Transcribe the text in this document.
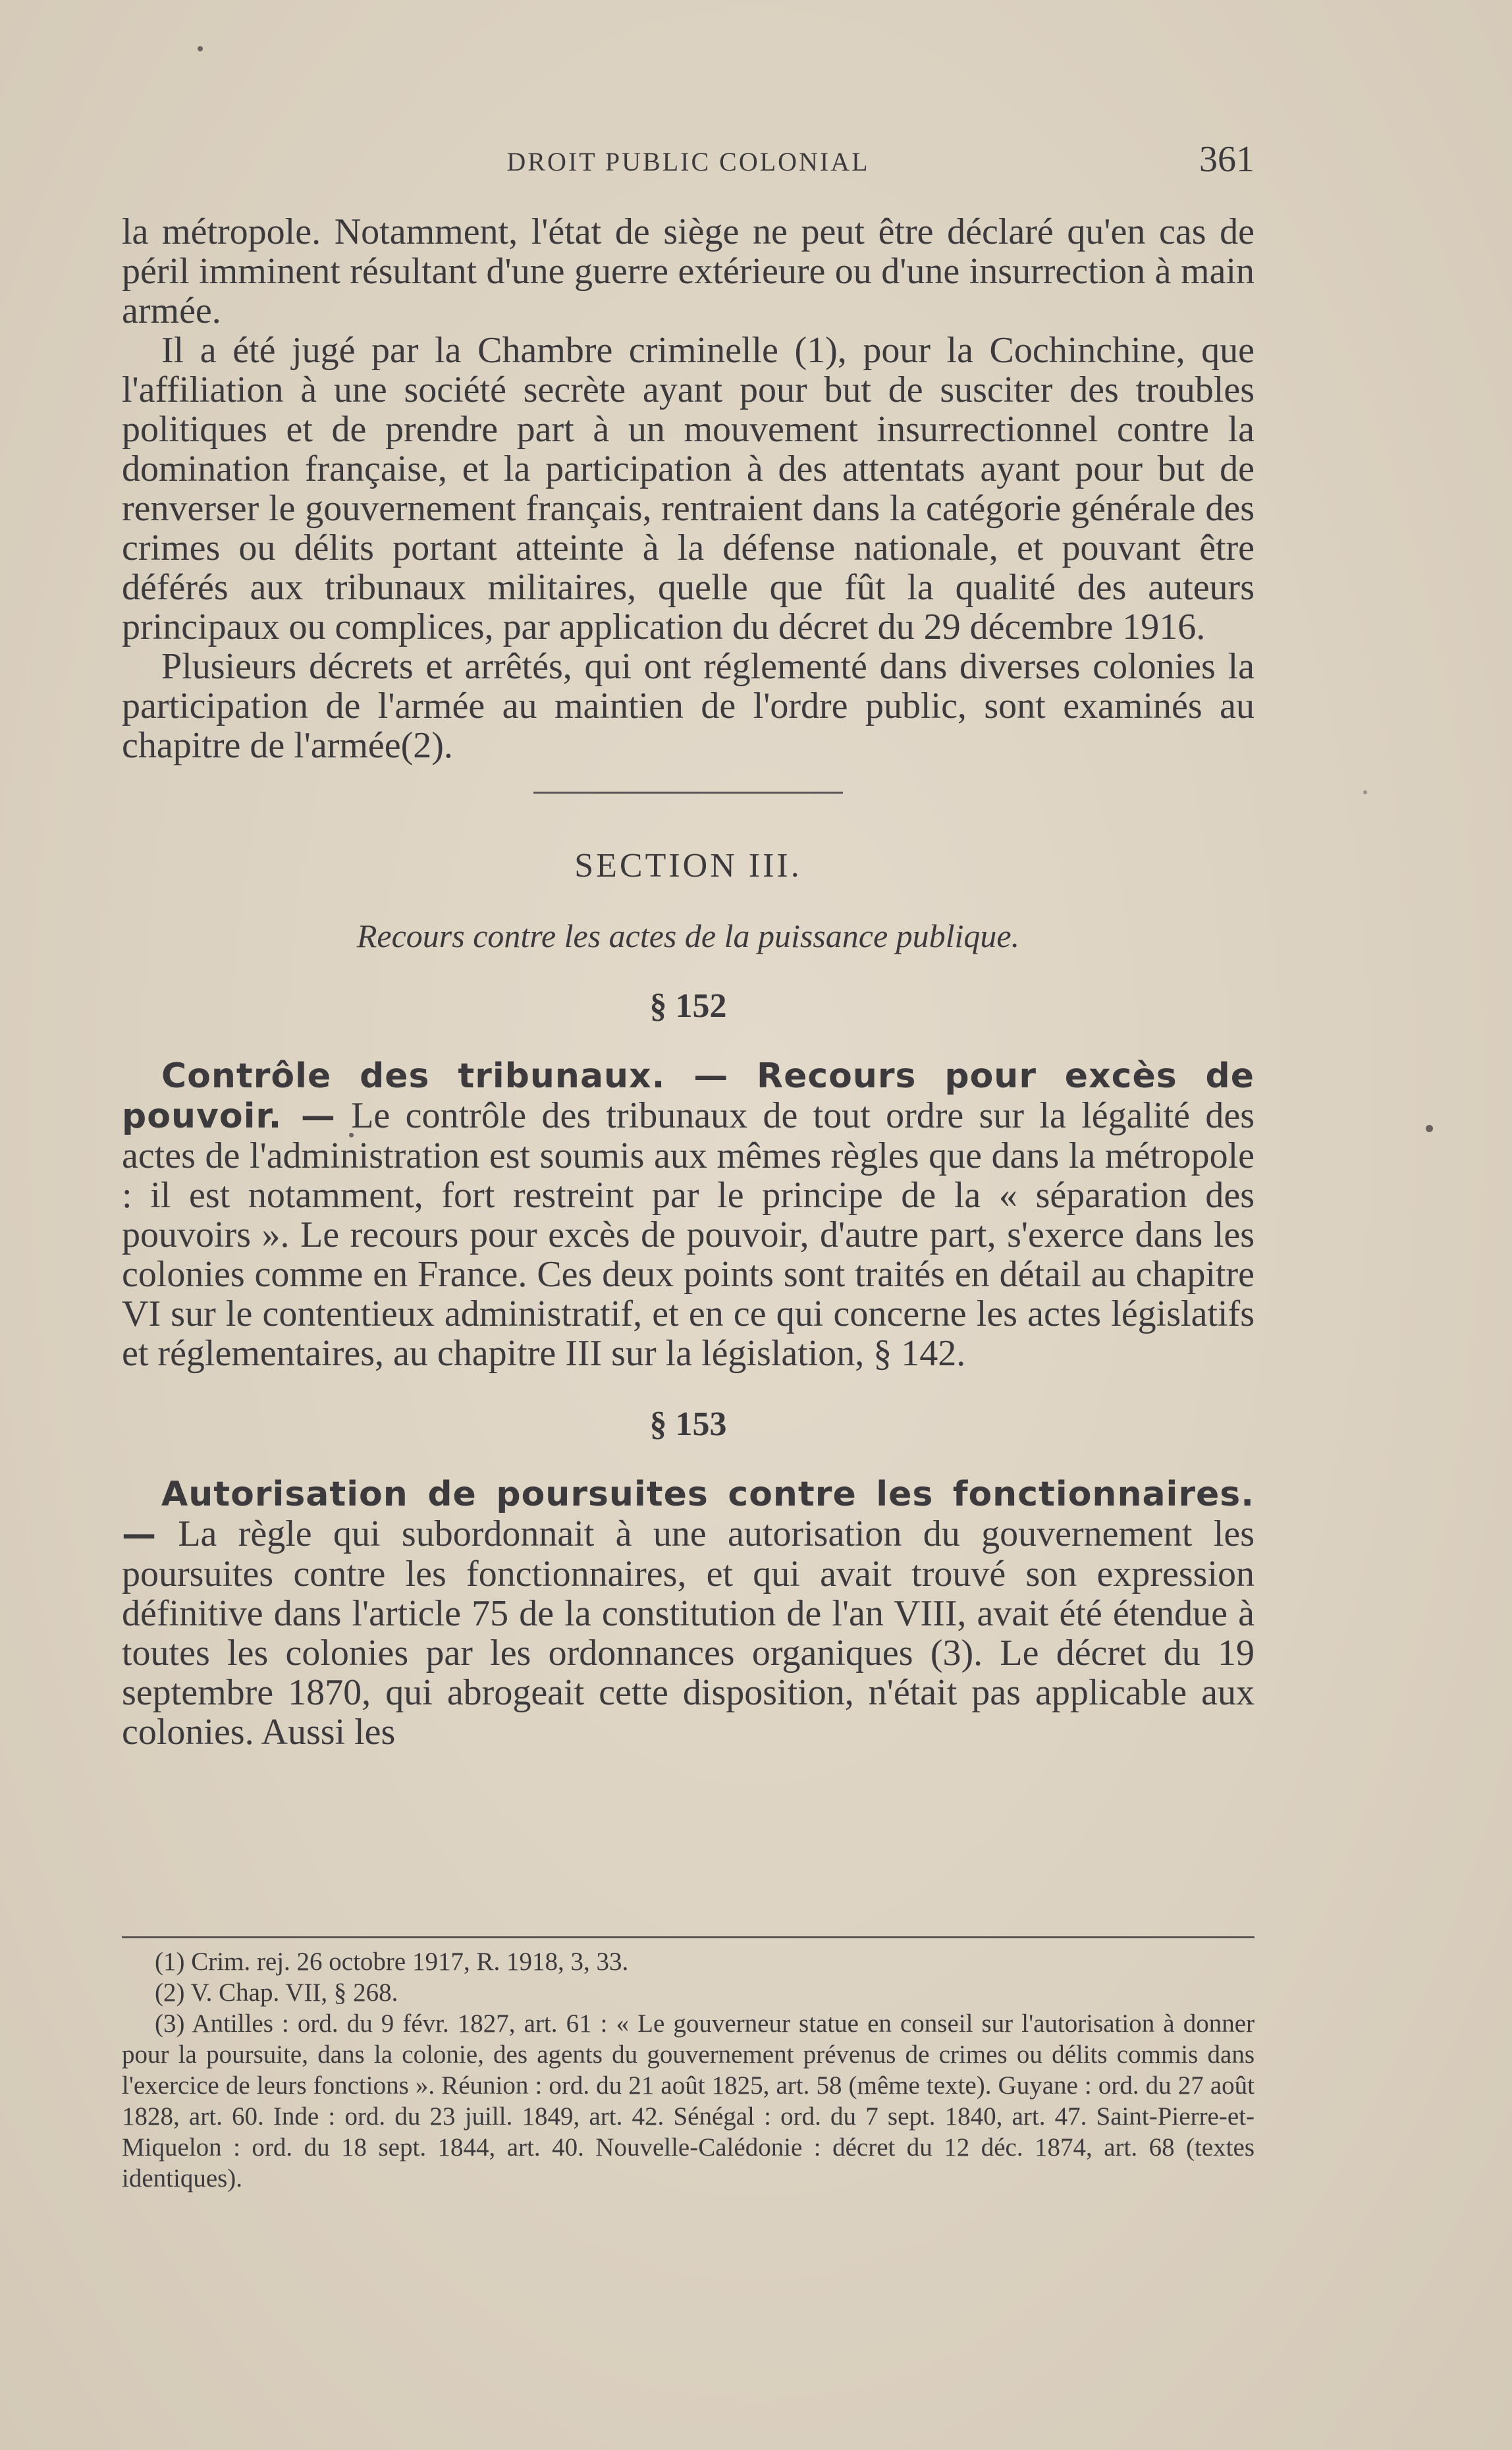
DROIT PUBLIC COLONIAL	361

la métropole. Notamment, l'état de siège ne peut être déclaré qu'en cas de péril imminent résultant d'une guerre extérieure ou d'une insurrection à main armée.

Il a été jugé par la Chambre criminelle (1), pour la Cochinchine, que l'affiliation à une société secrète ayant pour but de susciter des troubles politiques et de prendre part à un mouvement insurrectionnel contre la domination française, et la participation à des attentats ayant pour but de renverser le gouvernement français, rentraient dans la catégorie générale des crimes ou délits portant atteinte à la défense nationale, et pouvant être déférés aux tribunaux militaires, quelle que fût la qualité des auteurs principaux ou complices, par application du décret du 29 décembre 1916.

Plusieurs décrets et arrêtés, qui ont réglementé dans diverses colonies la participation de l'armée au maintien de l'ordre public, sont examinés au chapitre de l'armée(2).

SECTION III.
Recours contre les actes de la puissance publique.
§ 152

Contrôle des tribunaux. — Recours pour excès de pouvoir. — Le contrôle des tribunaux de tout ordre sur la légalité des actes de l'administration est soumis aux mêmes règles que dans la métropole : il est notamment, fort restreint par le principe de la « séparation des pouvoirs ». Le recours pour excès de pouvoir, d'autre part, s'exerce dans les colonies comme en France. Ces deux points sont traités en détail au chapitre VI sur le contentieux administratif, et en ce qui concerne les actes législatifs et réglementaires, au chapitre III sur la législation, § 142.

§ 153

Autorisation de poursuites contre les fonctionnaires. — La règle qui subordonnait à une autorisation du gouvernement les poursuites contre les fonctionnaires, et qui avait trouvé son expression définitive dans l'article 75 de la constitution de l'an VIII, avait été étendue à toutes les colonies par les ordonnances organiques (3). Le décret du 19 septembre 1870, qui abrogeait cette disposition, n'était pas applicable aux colonies. Aussi les

(1) Crim. rej. 26 octobre 1917, R. 1918, 3, 33.

(2) V. Chap. VII, § 268.

(3) Antilles : ord. du 9 févr. 1827, art. 61 : « Le gouverneur statue en conseil sur l'autorisation à donner pour la poursuite, dans la colonie, des agents du gouvernement prévenus de crimes ou délits commis dans l'exercice de leurs fonctions ». Réunion : ord. du 21 août 1825, art. 58 (même texte). Guyane : ord. du 27 août 1828, art. 60. Inde : ord. du 23 juill. 1849, art. 42. Sénégal : ord. du 7 sept. 1840, art. 47. Saint-Pierre-et-Miquelon : ord. du 18 sept. 1844, art. 40. Nouvelle-Calédonie : décret du 12 déc. 1874, art. 68 (textes identiques).
